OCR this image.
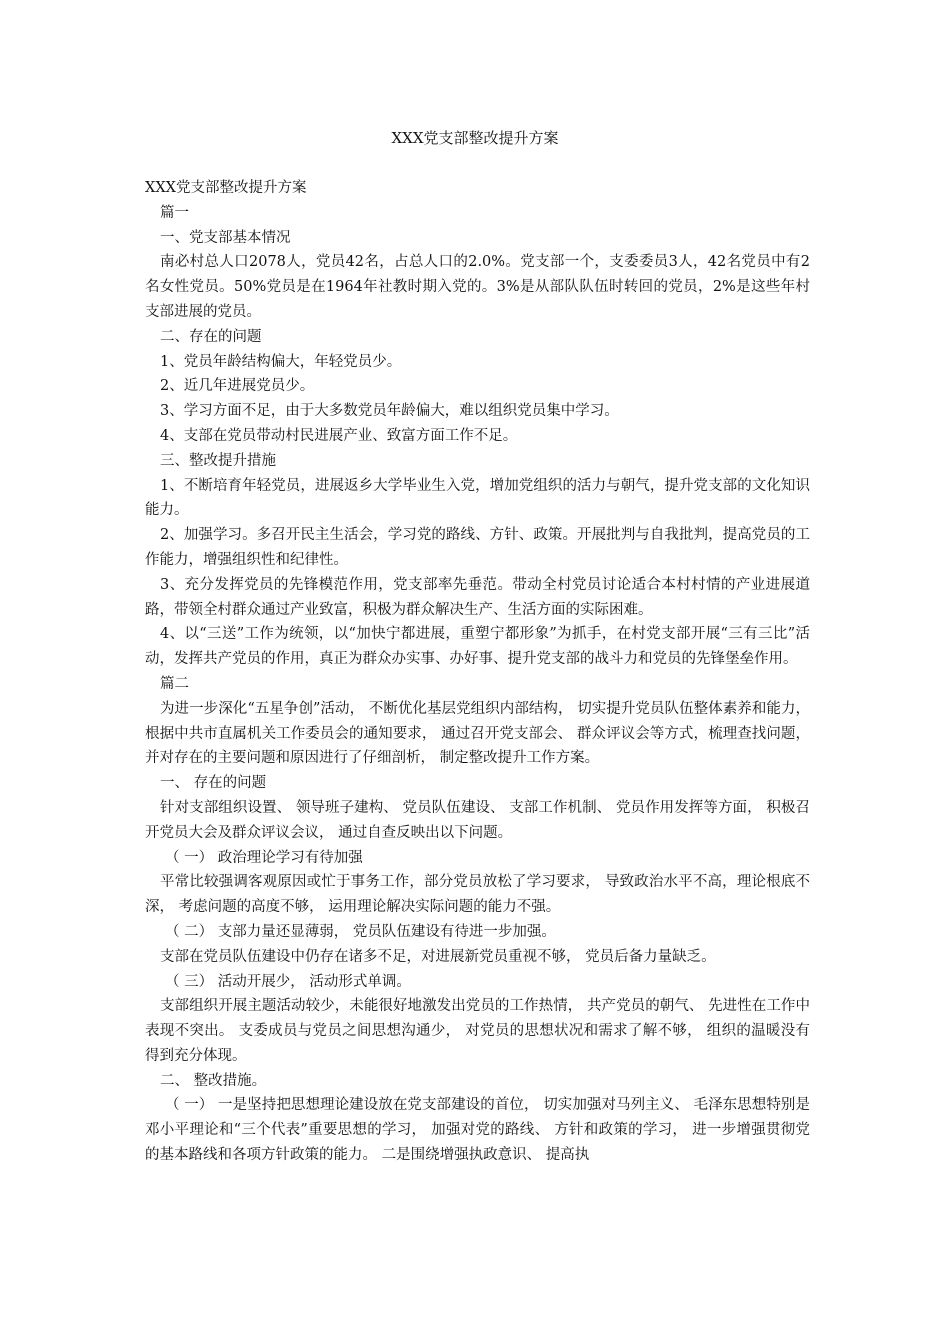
XXX党支部整改提升方案

XXX党支部整改提升方案

篇一

一、党支部基本情况

南必村总人口2078人，党员42名，占总人口的2.0%。党支部一个，支委委员3人，42名党员中有2名女性党员。50%党员是在1964年社教时期入党的。3%是从部队队伍时转回的党员，2%是这些年村支部进展的党员。

二、存在的问题

1、党员年龄结构偏大，年轻党员少。

2、近几年进展党员少。

3、学习方面不足，由于大多数党员年龄偏大，难以组织党员集中学习。

4、支部在党员带动村民进展产业、致富方面工作不足。

三、整改提升措施

1、不断培育年轻党员，进展返乡大学毕业生入党，增加党组织的活力与朝气，提升党支部的文化知识能力。

2、加强学习。多召开民主生活会，学习党的路线、方针、政策。开展批判与自我批判，提高党员的工作能力，增强组织性和纪律性。

3、充分发挥党员的先锋模范作用，党支部率先垂范。带动全村党员讨论适合本村村情的产业进展道路，带领全村群众通过产业致富，积极为群众解决生产、生活方面的实际困难。

4、以“三送”工作为统领，以“加快宁都进展，重塑宁都形象”为抓手，在村党支部开展“三有三比”活动，发挥共产党员的作用，真正为群众办实事、办好事、提升党支部的战斗力和党员的先锋堡垒作用。

篇二

为进一步深化“五星争创”活动， 不断优化基层党组织内部结构， 切实提升党员队伍整体素养和能力， 根据中共市直属机关工作委员会的通知要求， 通过召开党支部会、 群众评议会等方式，梳理查找问题， 并对存在的主要问题和原因进行了仔细剖析， 制定整改提升工作方案。

一、 存在的问题

针对支部组织设置、 领导班子建构、 党员队伍建设、 支部工作机制、 党员作用发挥等方面， 积极召开党员大会及群众评议会议， 通过自查反映出以下问题。

（ 一） 政治理论学习有待加强

平常比较强调客观原因或忙于事务工作，部分党员放松了学习要求， 导致政治水平不高，理论根底不深， 考虑问题的高度不够， 运用理论解决实际问题的能力不强。

（ 二） 支部力量还显薄弱， 党员队伍建设有待进一步加强。

支部在党员队伍建设中仍存在诸多不足，对进展新党员重视不够， 党员后备力量缺乏。

（ 三） 活动开展少， 活动形式单调。

支部组织开展主题活动较少，未能很好地激发出党员的工作热情， 共产党员的朝气、 先进性在工作中表现不突出。 支委成员与党员之间思想沟通少， 对党员的思想状况和需求了解不够， 组织的温暖没有得到充分体现。

二、 整改措施。

（ 一） 一是坚持把思想理论建设放在党支部建设的首位， 切实加强对马列主义、 毛泽东思想特别是邓小平理论和“三个代表”重要思想的学习， 加强对党的路线、 方针和政策的学习， 进一步增强贯彻党的基本路线和各项方针政策的能力。 二是围绕增强执政意识、 提高执
